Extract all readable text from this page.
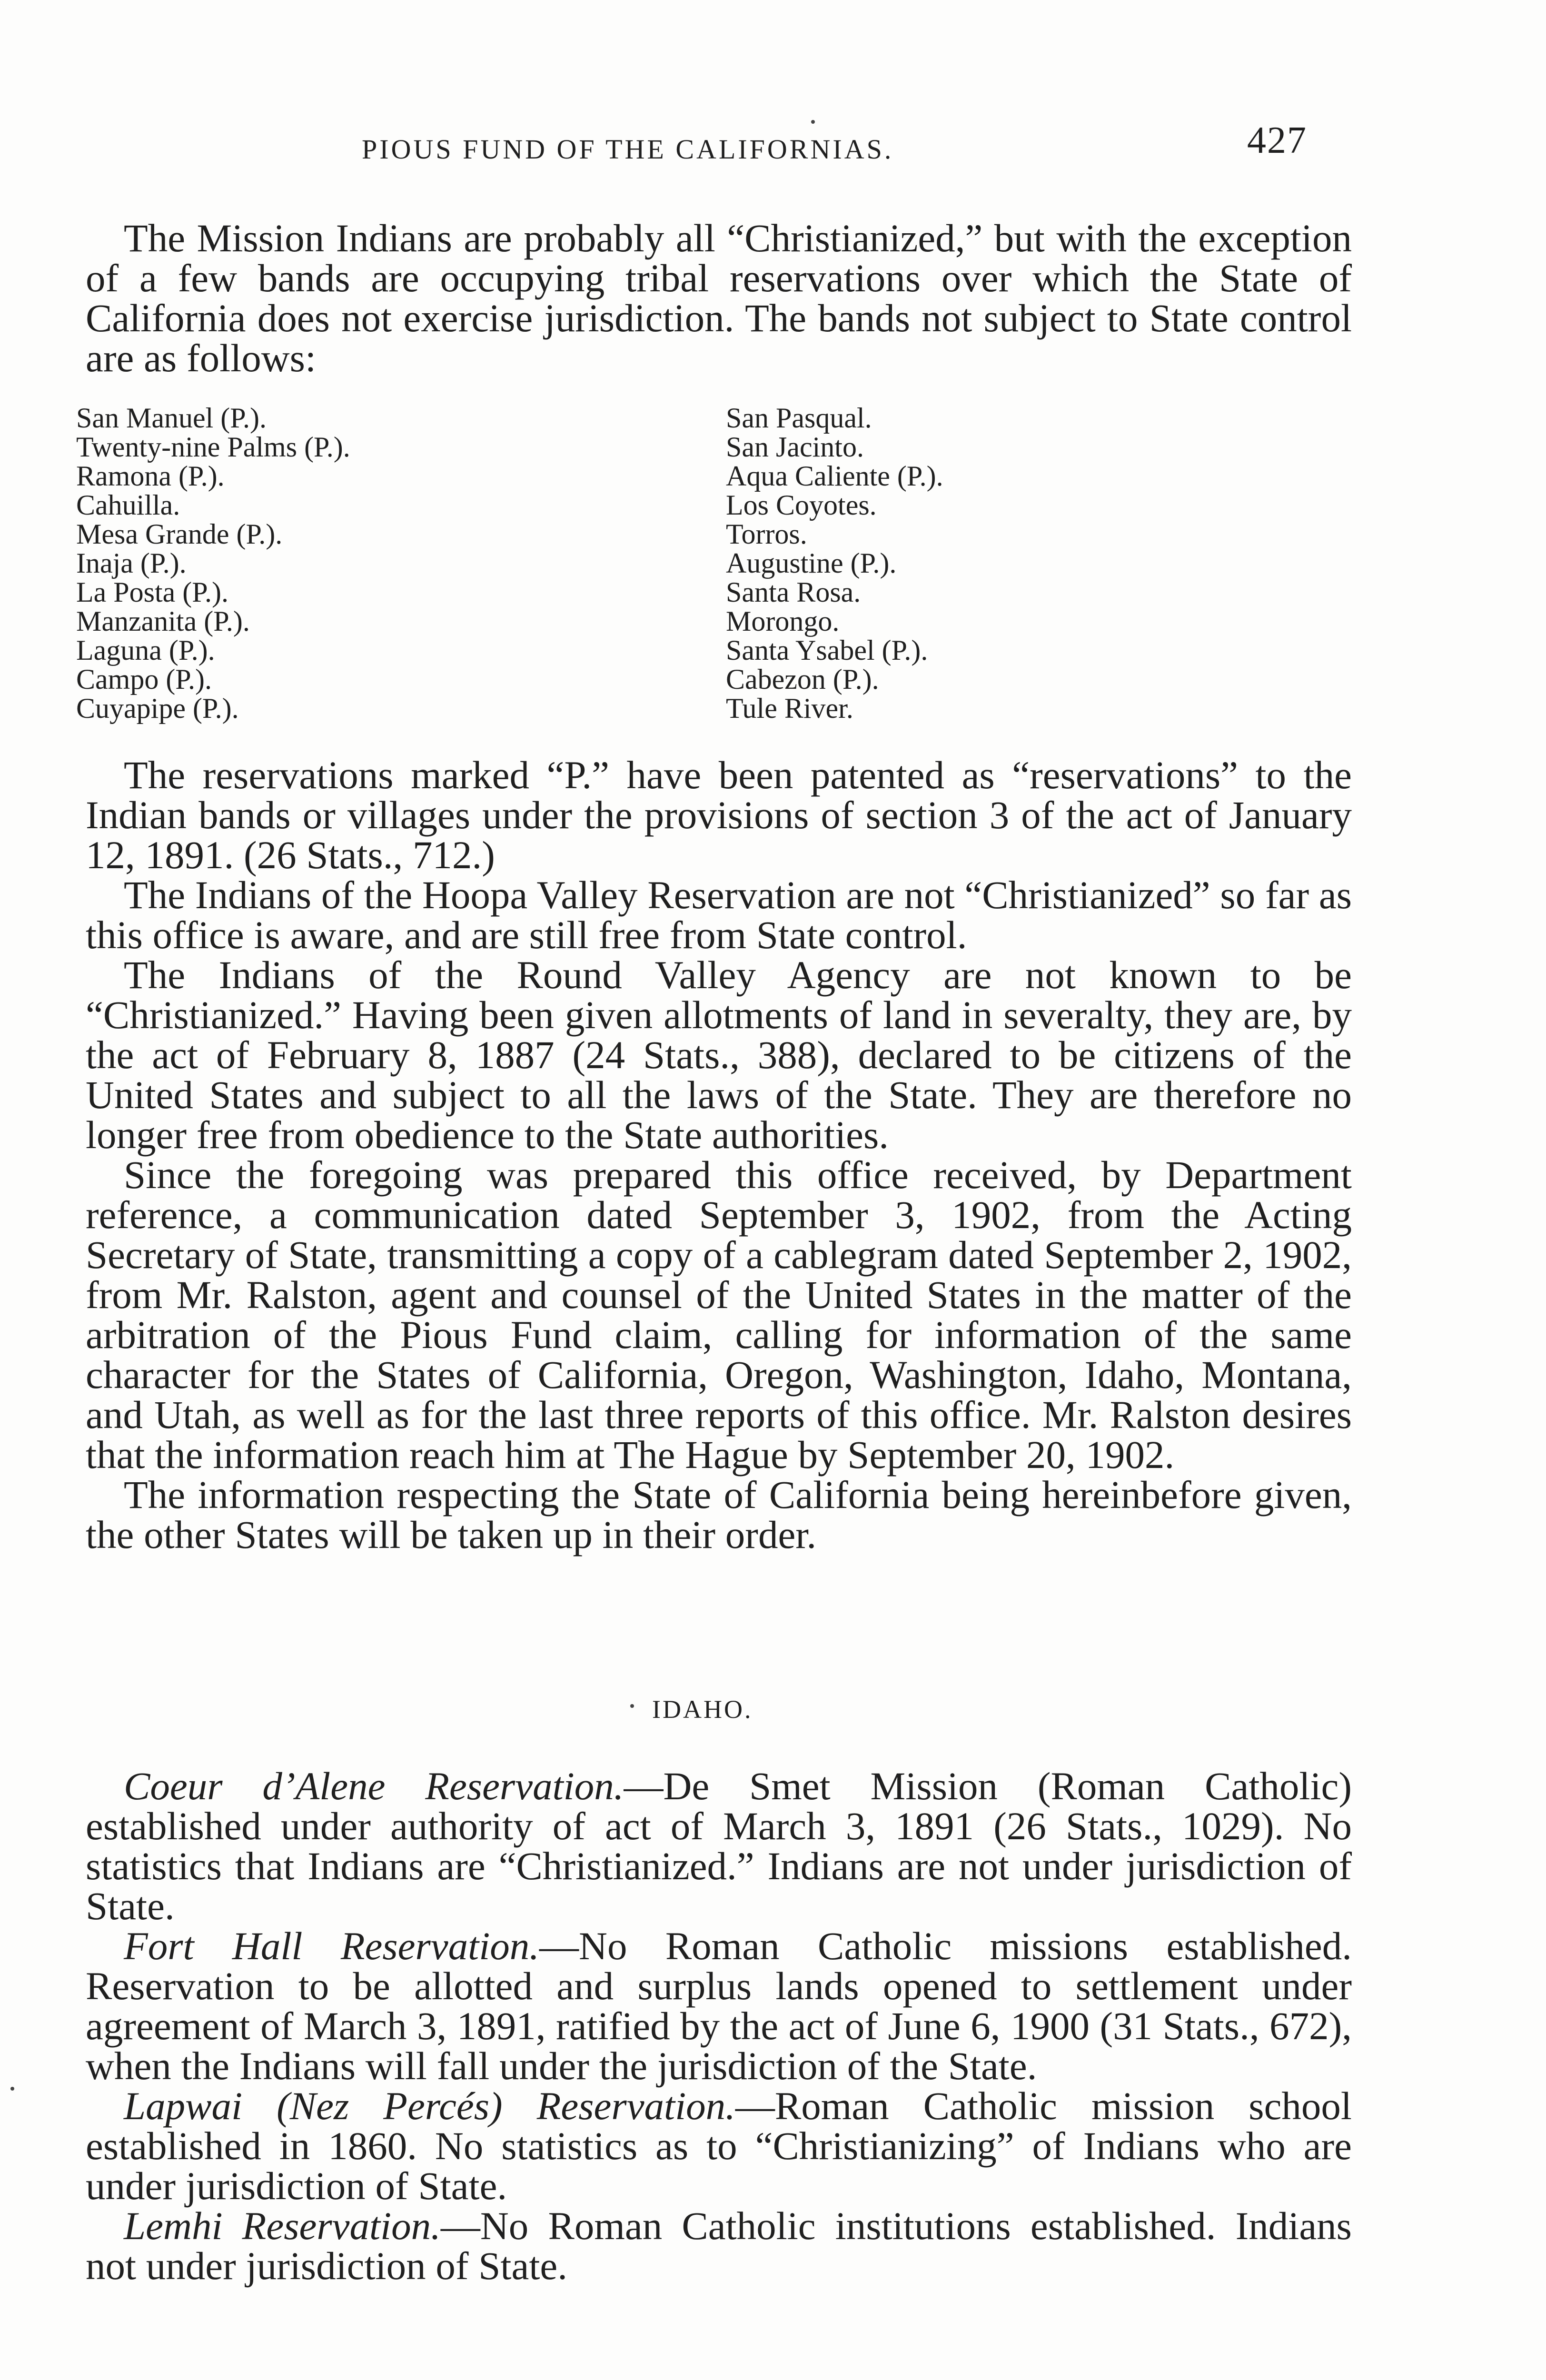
PIOUS FUND OF THE CALIFORNIAS.	427

The Mission Indians are probably all “Christianized,” but with the exception of a few bands are occupying tribal reservations over which the State of California does not exercise jurisdiction. The bands not subject to State control are as follows:

San Manuel (P.).
Twenty-nine Palms (P.).
Ramona (P.).
Cahuilla.
Mesa Grande (P.).
Inaja (P.).
La Posta (P.).
Manzanita (P.).
Laguna (P.).
Campo (P.).
Cuyapipe (P.).
San Pasqual.
San Jacinto.
Aqua Caliente (P.).
Los Coyotes.
Torros.
Augustine (P.).
Santa Rosa.
Morongo.
Santa Ysabel (P.).
Cabezon (P.).
Tule River.

The reservations marked “P.” have been patented as “reservations” to the Indian bands or villages under the provisions of section 3 of the act of January 12, 1891. (26 Stats., 712.)

The Indians of the Hoopa Valley Reservation are not “Christianized” so far as this office is aware, and are still free from State control.

The Indians of the Round Valley Agency are not known to be “Christianized.” Having been given allotments of land in severalty, they are, by the act of February 8, 1887 (24 Stats., 388), declared to be citizens of the United States and subject to all the laws of the State. They are therefore no longer free from obedience to the State authorities.

Since the foregoing was prepared this office received, by Department reference, a communication dated September 3, 1902, from the Acting Secretary of State, transmitting a copy of a cablegram dated September 2, 1902, from Mr. Ralston, agent and counsel of the United States in the matter of the arbitration of the Pious Fund claim, calling for information of the same character for the States of California, Oregon, Washington, Idaho, Montana, and Utah, as well as for the last three reports of this office. Mr. Ralston desires that the information reach him at The Hague by September 20, 1902.

The information respecting the State of California being hereinbefore given, the other States will be taken up in their order.

IDAHO.

Coeur d’Alene Reservation.—De Smet Mission (Roman Catholic) established under authority of act of March 3, 1891 (26 Stats., 1029). No statistics that Indians are “Christianized.” Indians are not under jurisdiction of State.

Fort Hall Reservation.—No Roman Catholic missions established. Reservation to be allotted and surplus lands opened to settlement under agreement of March 3, 1891, ratified by the act of June 6, 1900 (31 Stats., 672), when the Indians will fall under the jurisdiction of the State.

Lapwai (Nez Percés) Reservation.—Roman Catholic mission school established in 1860. No statistics as to “Christianizing” of Indians who are under jurisdiction of State.

Lemhi Reservation.—No Roman Catholic institutions established. Indians not under jurisdiction of State.
